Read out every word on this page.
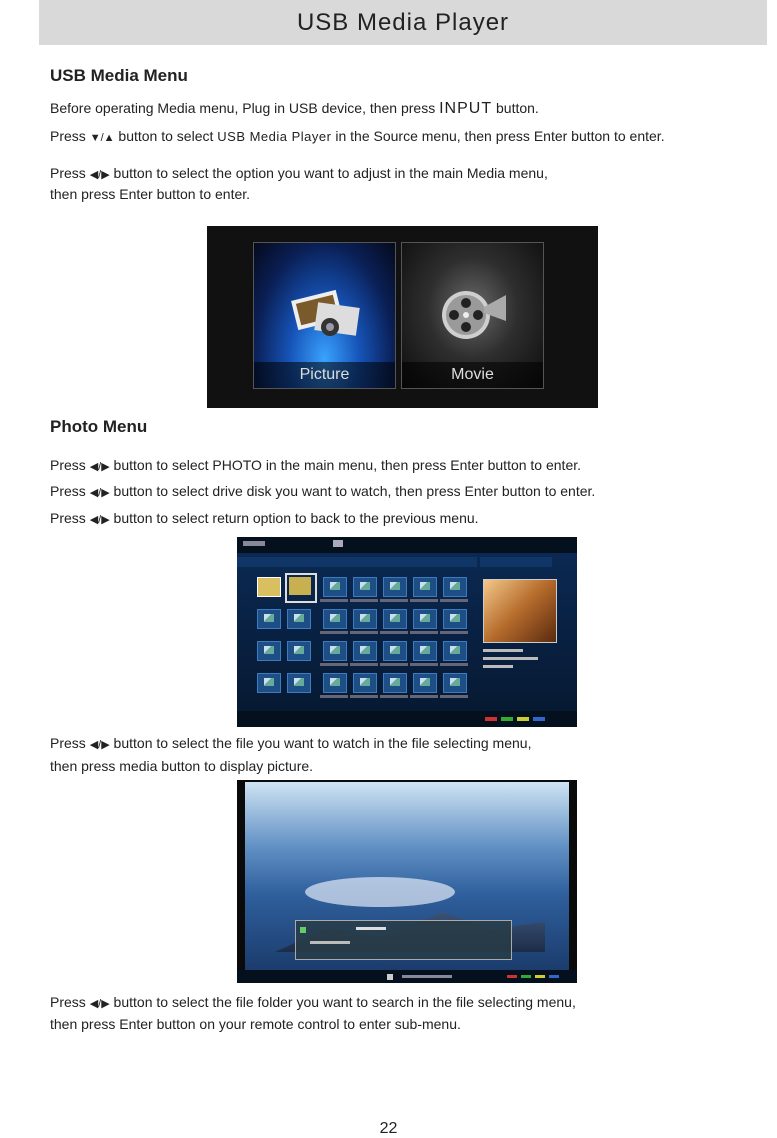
USB Media Player
USB Media Menu
Before operating Media menu, Plug in USB device, then press INPUT button.
Press ▼/▲ button to select USB Media Player in the Source menu, then press Enter button to enter.
Press ◀/▶ button to select the option you want to adjust in the main Media menu,
then press Enter button to enter.
Picture	Movie
Photo Menu
Press ◀/▶ button to select PHOTO in the main menu, then press Enter button to enter.
Press ◀/▶ button to select drive disk you want to watch, then press Enter button to enter.
Press ◀/▶ button to select return option to back to the previous menu.
Press ◀/▶ button to select the file you want to watch in the file selecting menu,
then press media button to display picture.
Press ◀/▶ button to select the file folder you want to search in the file selecting menu,
then press Enter button on your remote control to enter sub-menu.
22
